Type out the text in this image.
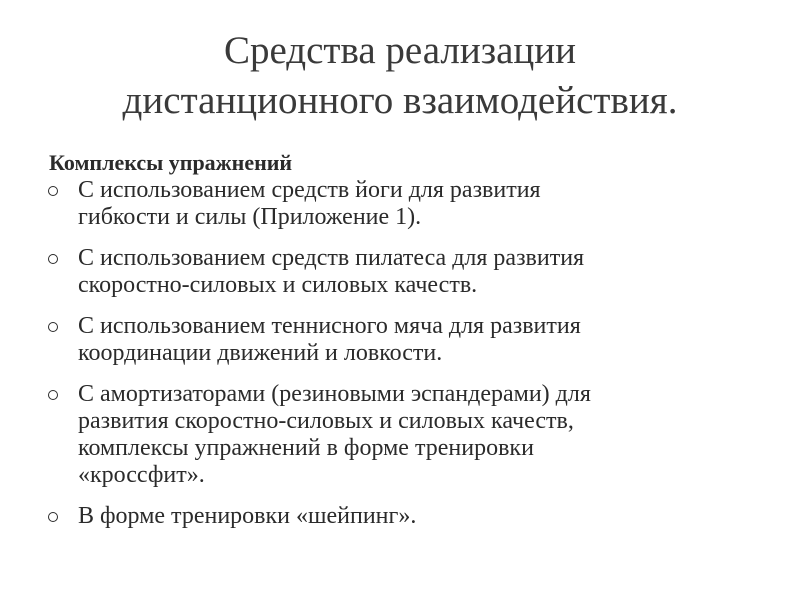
Средства реализации
дистанционного взаимодействия.
Комплексы упражнений
С использованием средств йоги для развития
гибкости и силы (Приложение 1).
С использованием средств пилатеса для развития
скоростно-силовых и силовых качеств.
С использованием теннисного мяча для развития
координации движений и ловкости.
С амортизаторами (резиновыми эспандерами) для
развития скоростно-силовых и силовых качеств,
комплексы упражнений в форме тренировки
«кроссфит».
В форме тренировки «шейпинг».
